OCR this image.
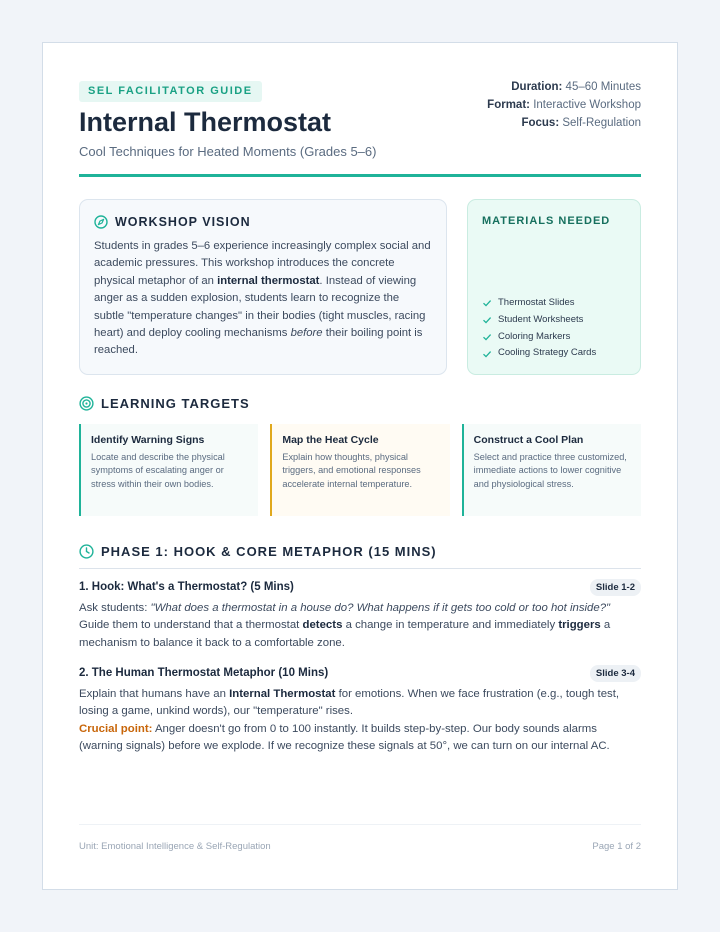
SEL FACILITATOR GUIDE
Internal Thermostat
Cool Techniques for Heated Moments (Grades 5–6)
Duration: 45–60 Minutes
Format: Interactive Workshop
Focus: Self-Regulation
WORKSHOP VISION

Students in grades 5–6 experience increasingly complex social and academic pressures. This workshop introduces the concrete physical metaphor of an internal thermostat. Instead of viewing anger as a sudden explosion, students learn to recognize the subtle "temperature changes" in their bodies (tight muscles, racing heart) and deploy cooling mechanisms before their boiling point is reached.

MATERIALS NEEDED
Thermostat Slides
Student Worksheets
Coloring Markers
Cooling Strategy Cards
LEARNING TARGETS
Identify Warning Signs
Locate and describe the physical symptoms of escalating anger or stress within their own bodies.
Map the Heat Cycle
Explain how thoughts, physical triggers, and emotional responses accelerate internal temperature.
Construct a Cool Plan
Select and practice three customized, immediate actions to lower cognitive and physiological stress.
PHASE 1: HOOK & CORE METAPHOR (15 MINS)
1. Hook: What's a Thermostat? (5 Mins)	Slide 1-2
Ask students: "What does a thermostat in a house do? What happens if it gets too cold or too hot inside?" Guide them to understand that a thermostat detects a change in temperature and immediately triggers a mechanism to balance it back to a comfortable zone.
2. The Human Thermostat Metaphor (10 Mins)	Slide 3-4
Explain that humans have an Internal Thermostat for emotions. When we face frustration (e.g., tough test, losing a game, unkind words), our "temperature" rises.
Crucial point: Anger doesn't go from 0 to 100 instantly. It builds step-by-step. Our body sounds alarms (warning signals) before we explode. If we recognize these signals at 50°, we can turn on our internal AC.
Unit: Emotional Intelligence & Self-Regulation	Page 1 of 2
